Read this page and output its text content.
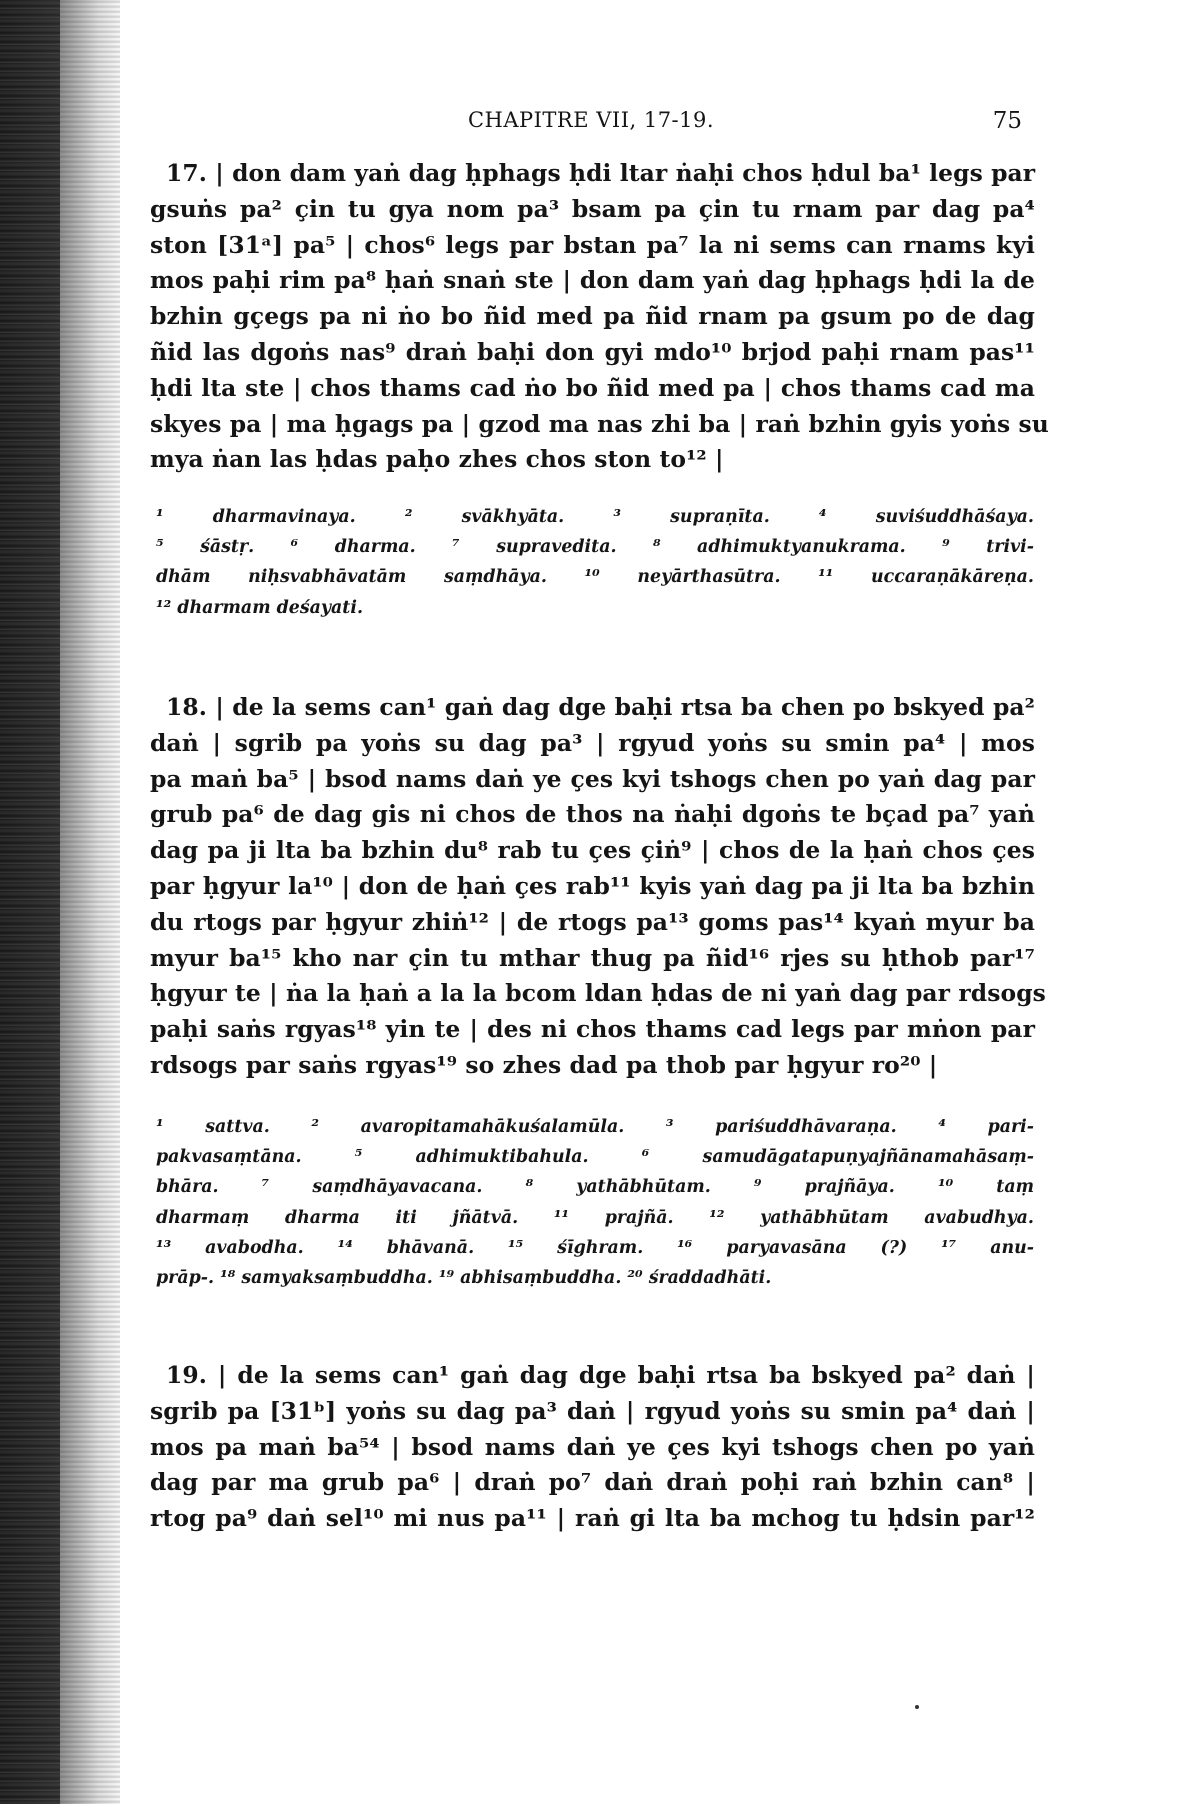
CHAPITRE VII, 17-19.	75
17. | don dam yaṅ dag ḥphags ḥdi ltar ṅaḥi chos ḥdul ba¹ legs par
gsuṅs pa² çin tu gya nom pa³ bsam pa çin tu rnam par dag pa⁴
ston [31ᵃ] pa⁵ | chos⁶ legs par bstan pa⁷ la ni sems can rnams kyi
mos paḥi rim pa⁸ ḥaṅ snaṅ ste | don dam yaṅ dag ḥphags ḥdi la de
bzhin gçegs pa ni ṅo bo ñid med pa ñid rnam pa gsum po de dag
ñid las dgoṅs nas⁹ draṅ baḥi don gyi mdo¹⁰ brjod paḥi rnam pas¹¹
ḥdi lta ste | chos thams cad ṅo bo ñid med pa | chos thams cad ma
skyes pa | ma ḥgags pa | gzod ma nas zhi ba | raṅ bzhin gyis yoṅs su
mya ṅan las ḥdas paḥo zhes chos ston to¹² |
¹ dharmavinaya. ² svākhyāta. ³ supraṇīta. ⁴ suviśuddhāśaya.
⁵ śāstṛ. ⁶ dharma. ⁷ supravedita. ⁸ adhimuktyanukrama. ⁹ trivi-
dhām niḥsvabhāvatām saṃdhāya. ¹⁰ neyārthasūtra. ¹¹ uccaraṇākāreṇa.
¹² dharmam deśayati.
18. | de la sems can¹ gaṅ dag dge baḥi rtsa ba chen po bskyed pa²
daṅ | sgrib pa yoṅs su dag pa³ | rgyud yoṅs su smin pa⁴ | mos
pa maṅ ba⁵ | bsod nams daṅ ye çes kyi tshogs chen po yaṅ dag par
grub pa⁶ de dag gis ni chos de thos na ṅaḥi dgoṅs te bçad pa⁷ yaṅ
dag pa ji lta ba bzhin du⁸ rab tu çes çiṅ⁹ | chos de la ḥaṅ chos çes
par ḥgyur la¹⁰ | don de ḥaṅ çes rab¹¹ kyis yaṅ dag pa ji lta ba bzhin
du rtogs par ḥgyur zhiṅ¹² | de rtogs pa¹³ goms pas¹⁴ kyaṅ myur ba
myur ba¹⁵ kho nar çin tu mthar thug pa ñid¹⁶ rjes su ḥthob par¹⁷
ḥgyur te | ṅa la ḥaṅ a la la bcom ldan ḥdas de ni yaṅ dag par rdsogs
paḥi saṅs rgyas¹⁸ yin te | des ni chos thams cad legs par mṅon par
rdsogs par saṅs rgyas¹⁹ so zhes dad pa thob par ḥgyur ro²⁰ |
¹ sattva. ² avaropitamahākuśalamūla. ³ pariśuddhāvaraṇa. ⁴ pari-
pakvasaṃtāna. ⁵ adhimuktibahula. ⁶ samudāgatapuṇyajñānamahāsaṃ-
bhāra. ⁷ saṃdhāyavacana. ⁸ yathābhūtam. ⁹ prajñāya. ¹⁰ taṃ
dharmaṃ dharma iti jñātvā. ¹¹ prajñā. ¹² yathābhūtam avabudhya.
¹³ avabodha. ¹⁴ bhāvanā. ¹⁵ śīghram. ¹⁶ paryavasāna (?) ¹⁷ anu-
prāp-. ¹⁸ samyaksaṃbuddha. ¹⁹ abhisaṃbuddha. ²⁰ śraddadhāti.
19. | de la sems can¹ gaṅ dag dge baḥi rtsa ba bskyed pa² daṅ |
sgrib pa [31ᵇ] yoṅs su dag pa³ daṅ | rgyud yoṅs su smin pa⁴ daṅ |
mos pa maṅ ba⁵⁴ | bsod nams daṅ ye çes kyi tshogs chen po yaṅ
dag par ma grub pa⁶ | draṅ po⁷ daṅ draṅ poḥi raṅ bzhin can⁸ |
rtog pa⁹ daṅ sel¹⁰ mi nus pa¹¹ | raṅ gi lta ba mchog tu ḥdsin par¹²
